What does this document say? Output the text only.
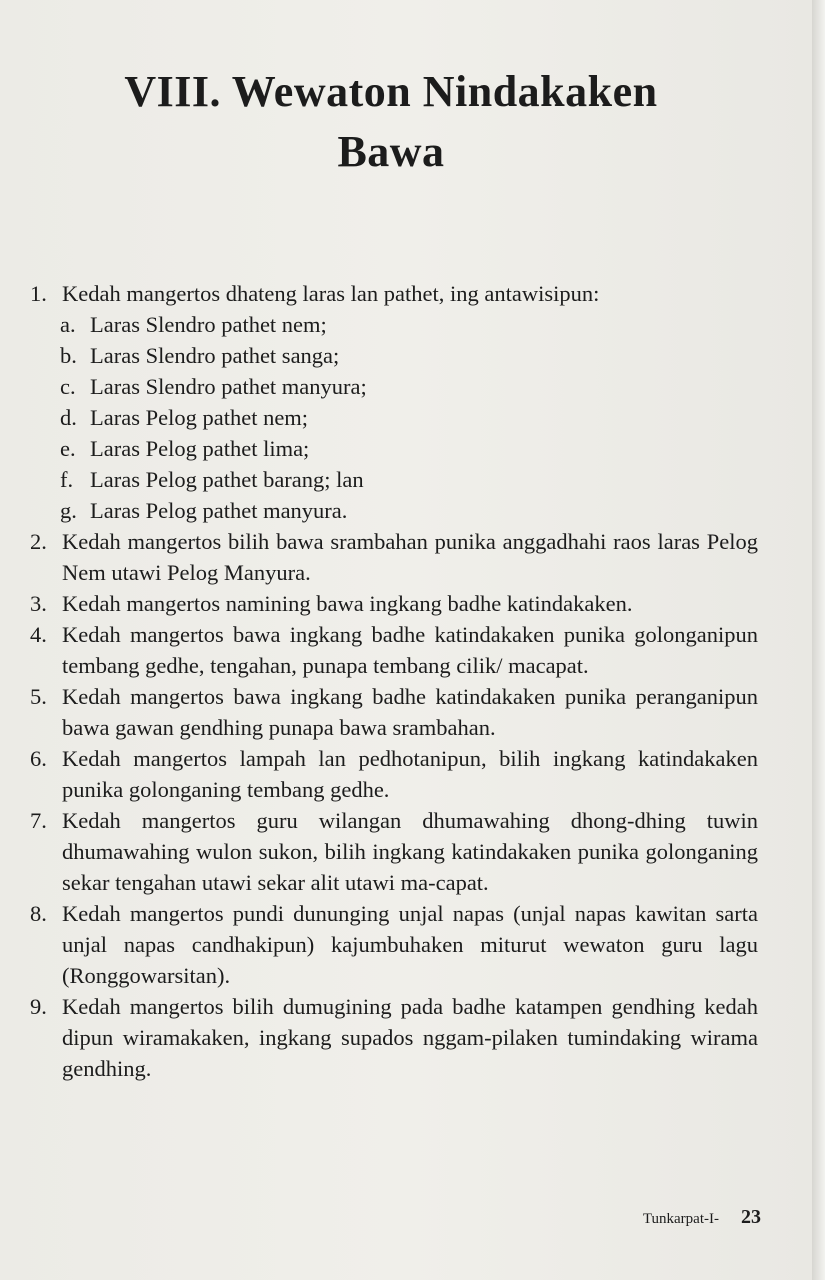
VIII. Wewaton Nindakaken
Bawa
1. Kedah mangertos dhateng laras lan pathet, ing antawisipun:
a. Laras Slendro pathet nem;
b. Laras Slendro pathet sanga;
c. Laras Slendro pathet manyura;
d. Laras Pelog pathet nem;
e. Laras Pelog pathet lima;
f. Laras Pelog pathet barang; lan
g. Laras Pelog pathet manyura.
2. Kedah mangertos bilih bawa srambahan punika anggadhahi raos laras Pelog Nem utawi Pelog Manyura.
3. Kedah mangertos namining bawa ingkang badhe katindakaken.
4. Kedah mangertos bawa ingkang badhe katindakaken punika golonganipun tembang gedhe, tengahan, punapa tembang cilik/ macapat.
5. Kedah mangertos bawa ingkang badhe katindakaken punika peranganipun bawa gawan gendhing punapa bawa srambahan.
6. Kedah mangertos lampah lan pedhotanipun, bilih ingkang katindakaken punika golonganing tembang gedhe.
7. Kedah mangertos guru wilangan dhumawahing dhong-dhing tuwin dhumawahing wulon sukon, bilih ingkang katindakaken punika golonganing sekar tengahan utawi sekar alit utawi ma-capat.
8. Kedah mangertos pundi dununging unjal napas (unjal napas kawitan sarta unjal napas candhakipun) kajumbuhaken miturut wewaton guru lagu (Ronggowarsitan).
9. Kedah mangertos bilih dumugining pada badhe katampen gendhing kedah dipun wiramakaken, ingkang supados nggam-pilaken tumindaking wirama gendhing.
Tunkarpat-I- 23
